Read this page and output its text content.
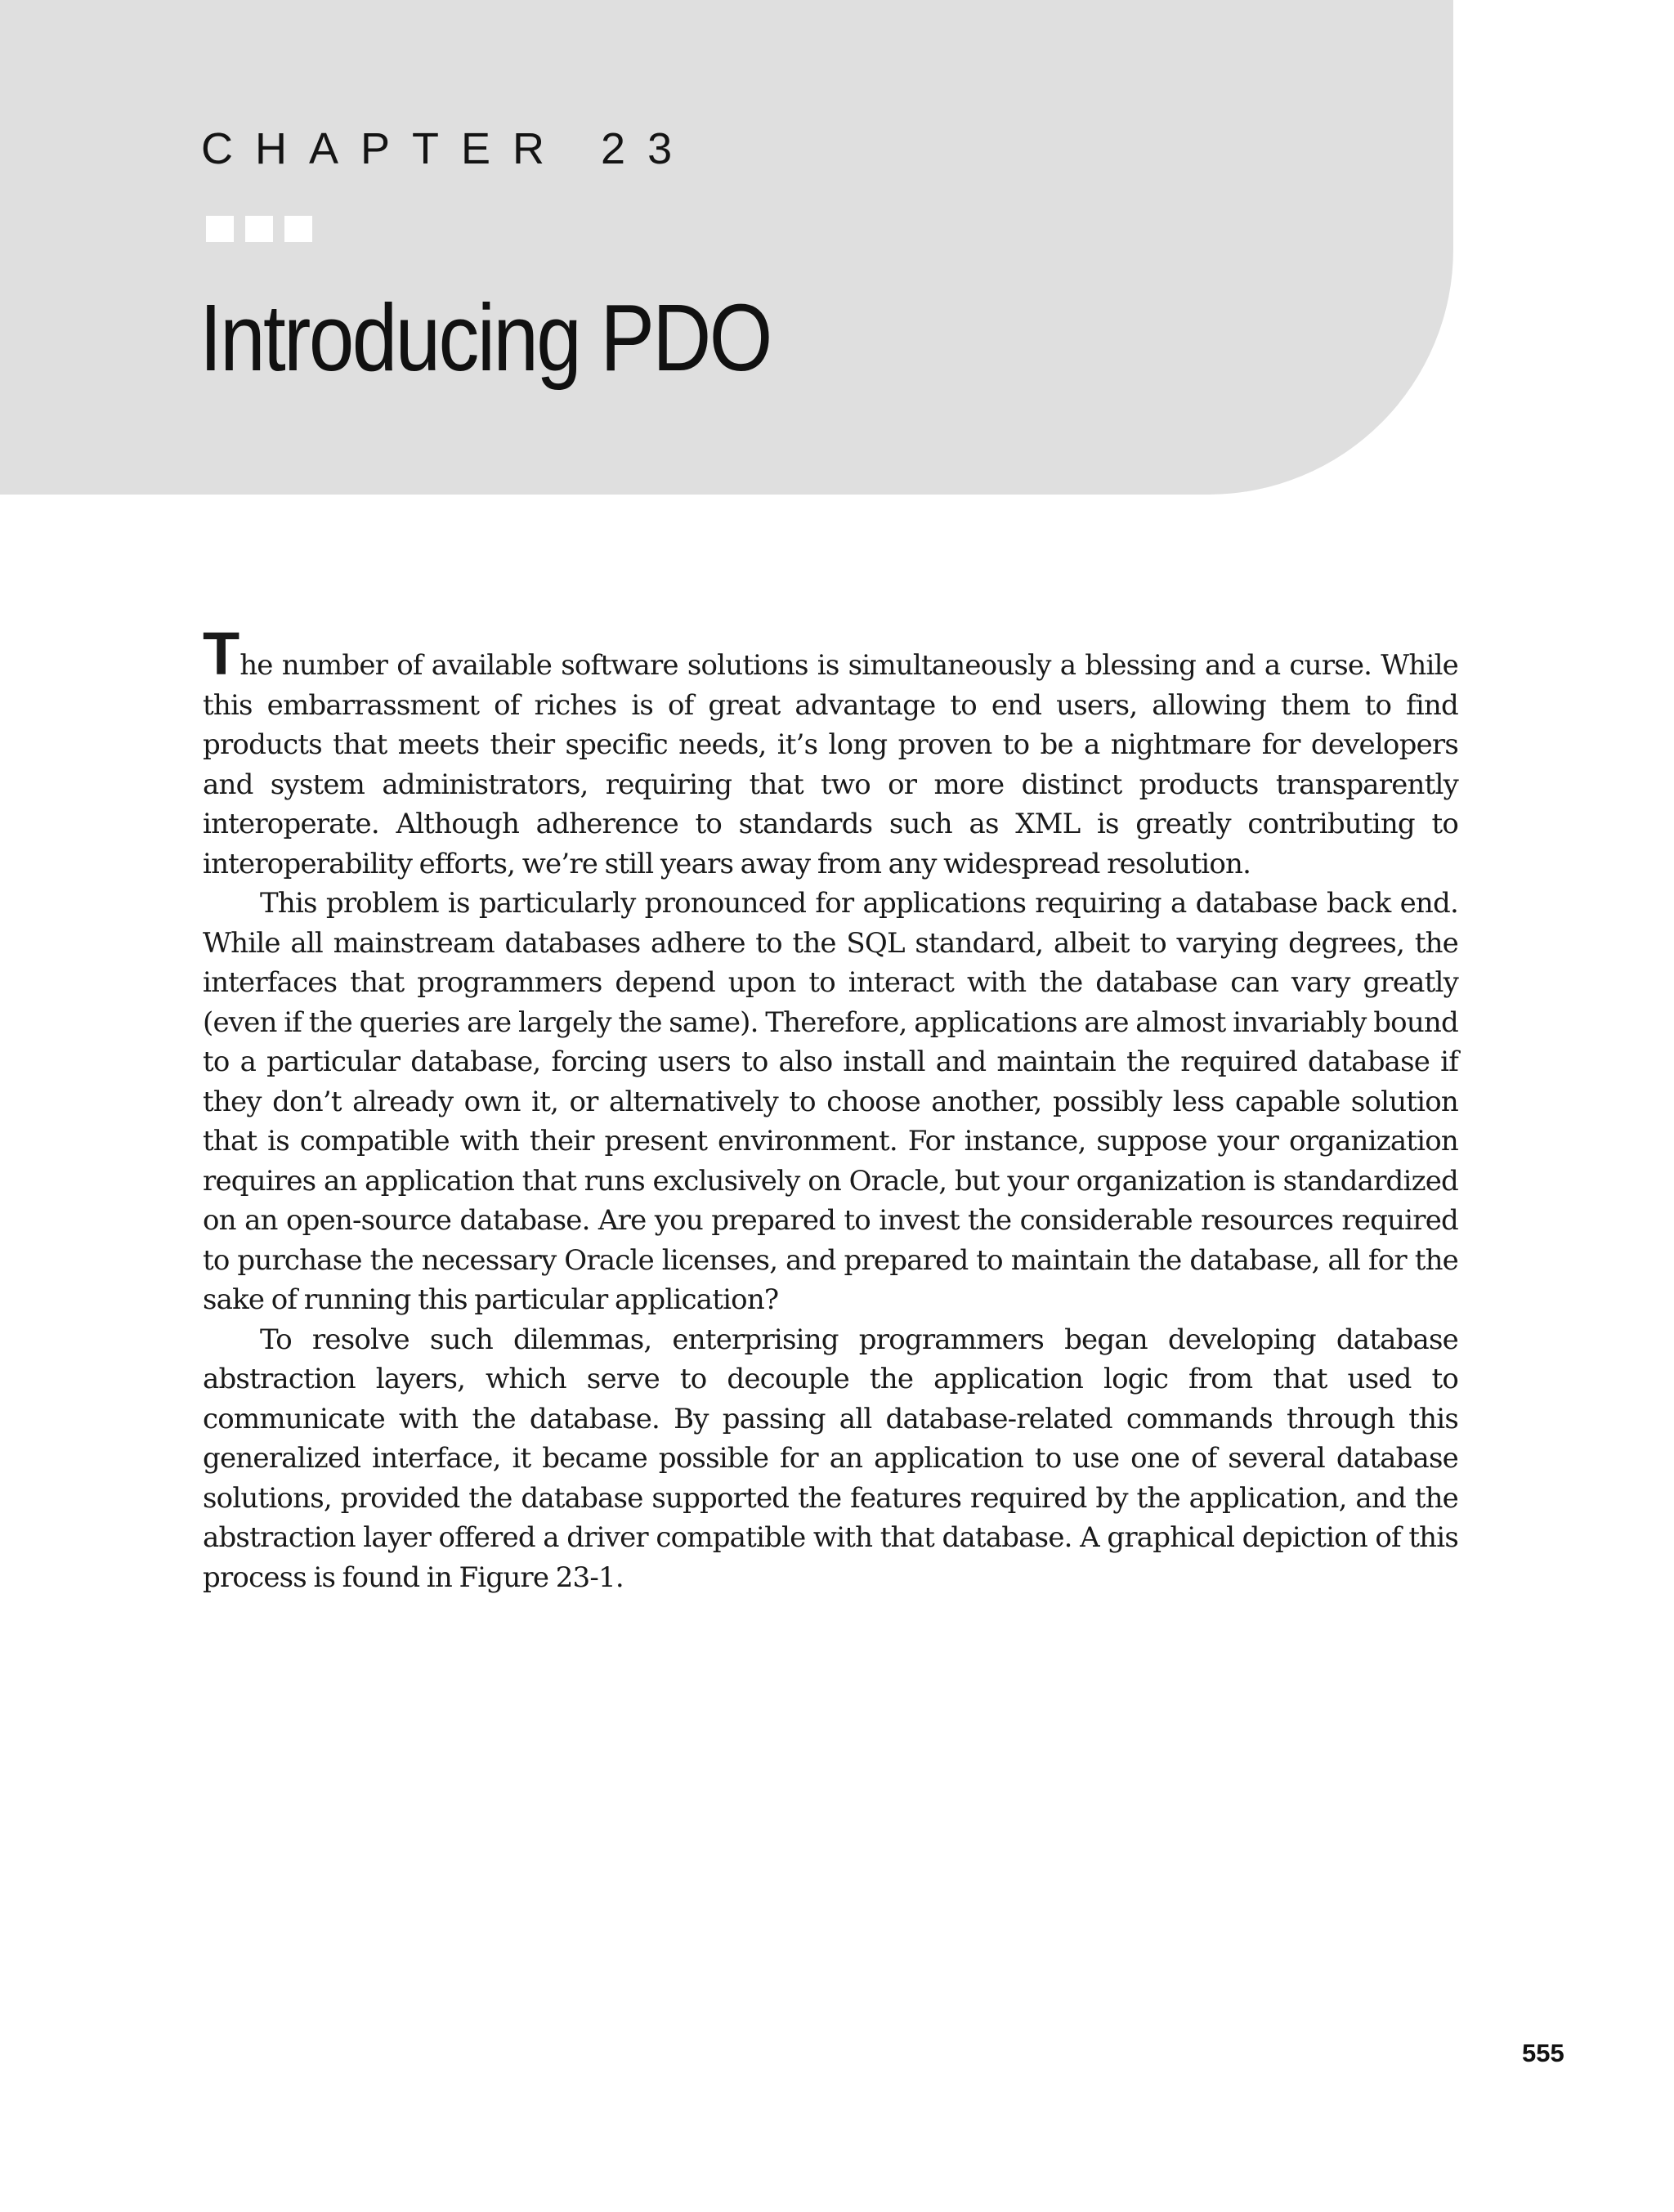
CHAPTER 23
Introducing PDO

The number of available software solutions is simultaneously a blessing and a curse. While this embarrassment of riches is of great advantage to end users, allowing them to find products that meets their specific needs, it’s long proven to be a nightmare for developers and system administrators, requiring that two or more distinct products transparently interoperate. Although adherence to standards such as XML is greatly contributing to interoperability efforts, we’re still years away from any widespread resolution.

This problem is particularly pronounced for applications requiring a database back end. While all mainstream databases adhere to the SQL standard, albeit to varying degrees, the interfaces that programmers depend upon to interact with the database can vary greatly (even if the queries are largely the same). Therefore, applications are almost invariably bound to a particular database, forcing users to also install and maintain the required database if they don’t already own it, or alternatively to choose another, possibly less capable solution that is compatible with their present environment. For instance, suppose your organization requires an application that runs exclusively on Oracle, but your organization is standardized on an open-source database. Are you prepared to invest the considerable resources required to purchase the necessary Oracle licenses, and prepared to maintain the database, all for the sake of running this particular application?

To resolve such dilemmas, enterprising programmers began developing database abstraction layers, which serve to decouple the application logic from that used to communicate with the database. By passing all database-related commands through this generalized interface, it became possible for an application to use one of several database solutions, provided the database supported the features required by the application, and the abstraction layer offered a driver compatible with that database. A graphical depiction of this process is found in Figure 23-1.

555
